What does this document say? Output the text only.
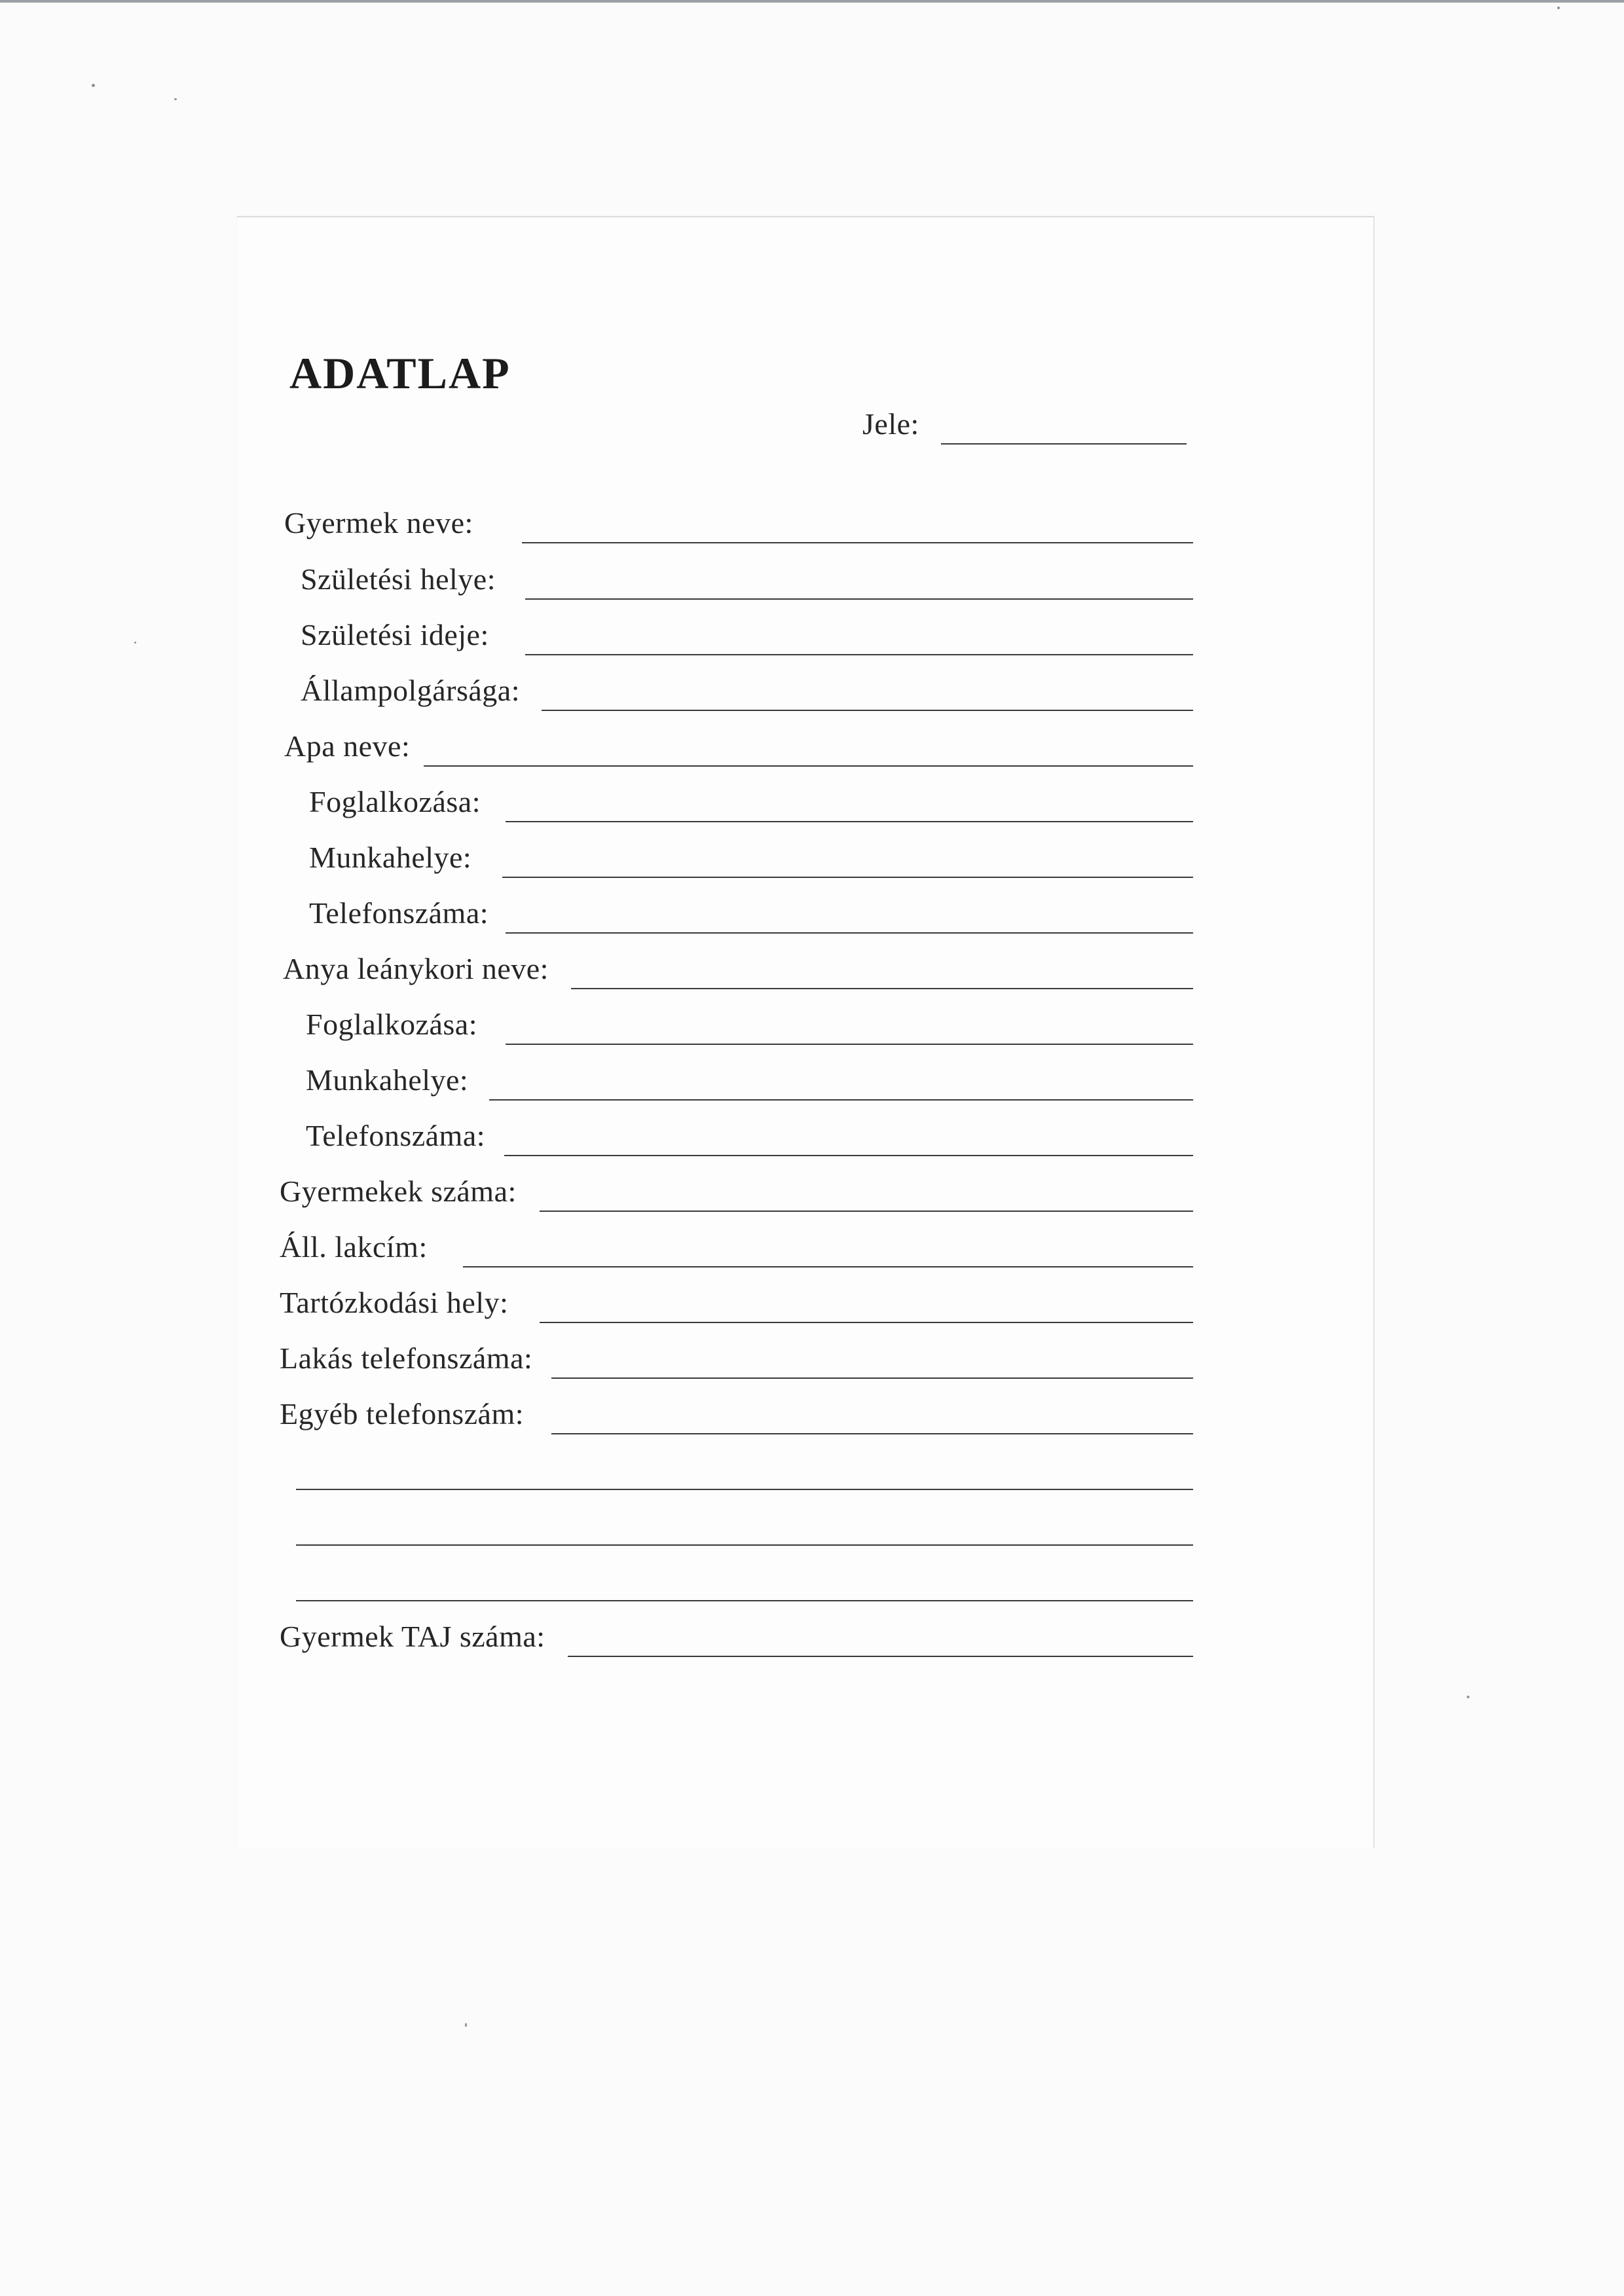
ADATLAP
Jele:
Gyermek neve:
Születési helye:
Születési ideje:
Állampolgársága:
Apa neve:
Foglalkozása:
Munkahelye:
Telefonszáma:
Anya leánykori neve:
Foglalkozása:
Munkahelye:
Telefonszáma:
Gyermekek száma:
Áll. lakcím:
Tartózkodási hely:
Lakás telefonszáma:
Egyéb telefonszám:
Gyermek TAJ száma:
